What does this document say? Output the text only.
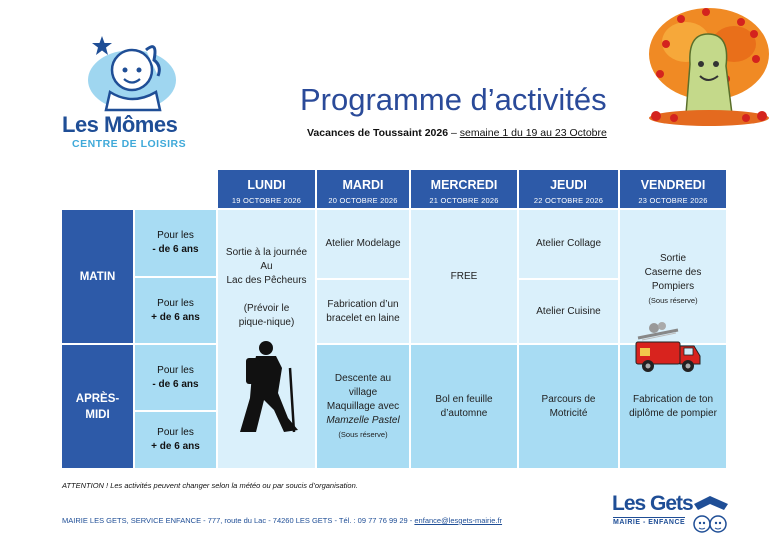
Les Mômes
CENTRE DE LOISIRS
Programme d’activités
Vacances de Toussaint 2026 – semaine 1 du 19 au 23 Octobre
LUNDI
19 OCTOBRE 2026
MARDI
20 OCTOBRE 2026
MERCREDI
21 OCTOBRE 2026
JEUDI
22 OCTOBRE 2026
VENDREDI
23 OCTOBRE 2026
MATIN
APRÈS-
MIDI
Pour les
- de 6 ans
Pour les
+ de 6 ans
Pour les
- de 6 ans
Pour les
+ de 6 ans
Sortie à la journée
Au
Lac des Pêcheurs
(Prévoir le
pique-nique)
Atelier Modelage
Fabrication d’un
bracelet en laine
Descente au
village
Maquillage avec
Mamzelle Pastel
(Sous réserve)
FREE
Bol en feuille
d’automne
Atelier Collage
Atelier Cuisine
Parcours de
Motricité
Sortie
Caserne des
Pompiers
(Sous réserve)
Fabrication de ton
diplôme de pompier
ATTENTION ! Les activités peuvent changer selon la météo ou par soucis d’organisation.
MAIRIE LES GETS, SERVICE ENFANCE - 777, route du Lac - 74260 LES GETS - Tél. : 09 77 76 99 29 - enfance@lesgets-mairie.fr
Les Gets
MAIRIE - ENFANCE
